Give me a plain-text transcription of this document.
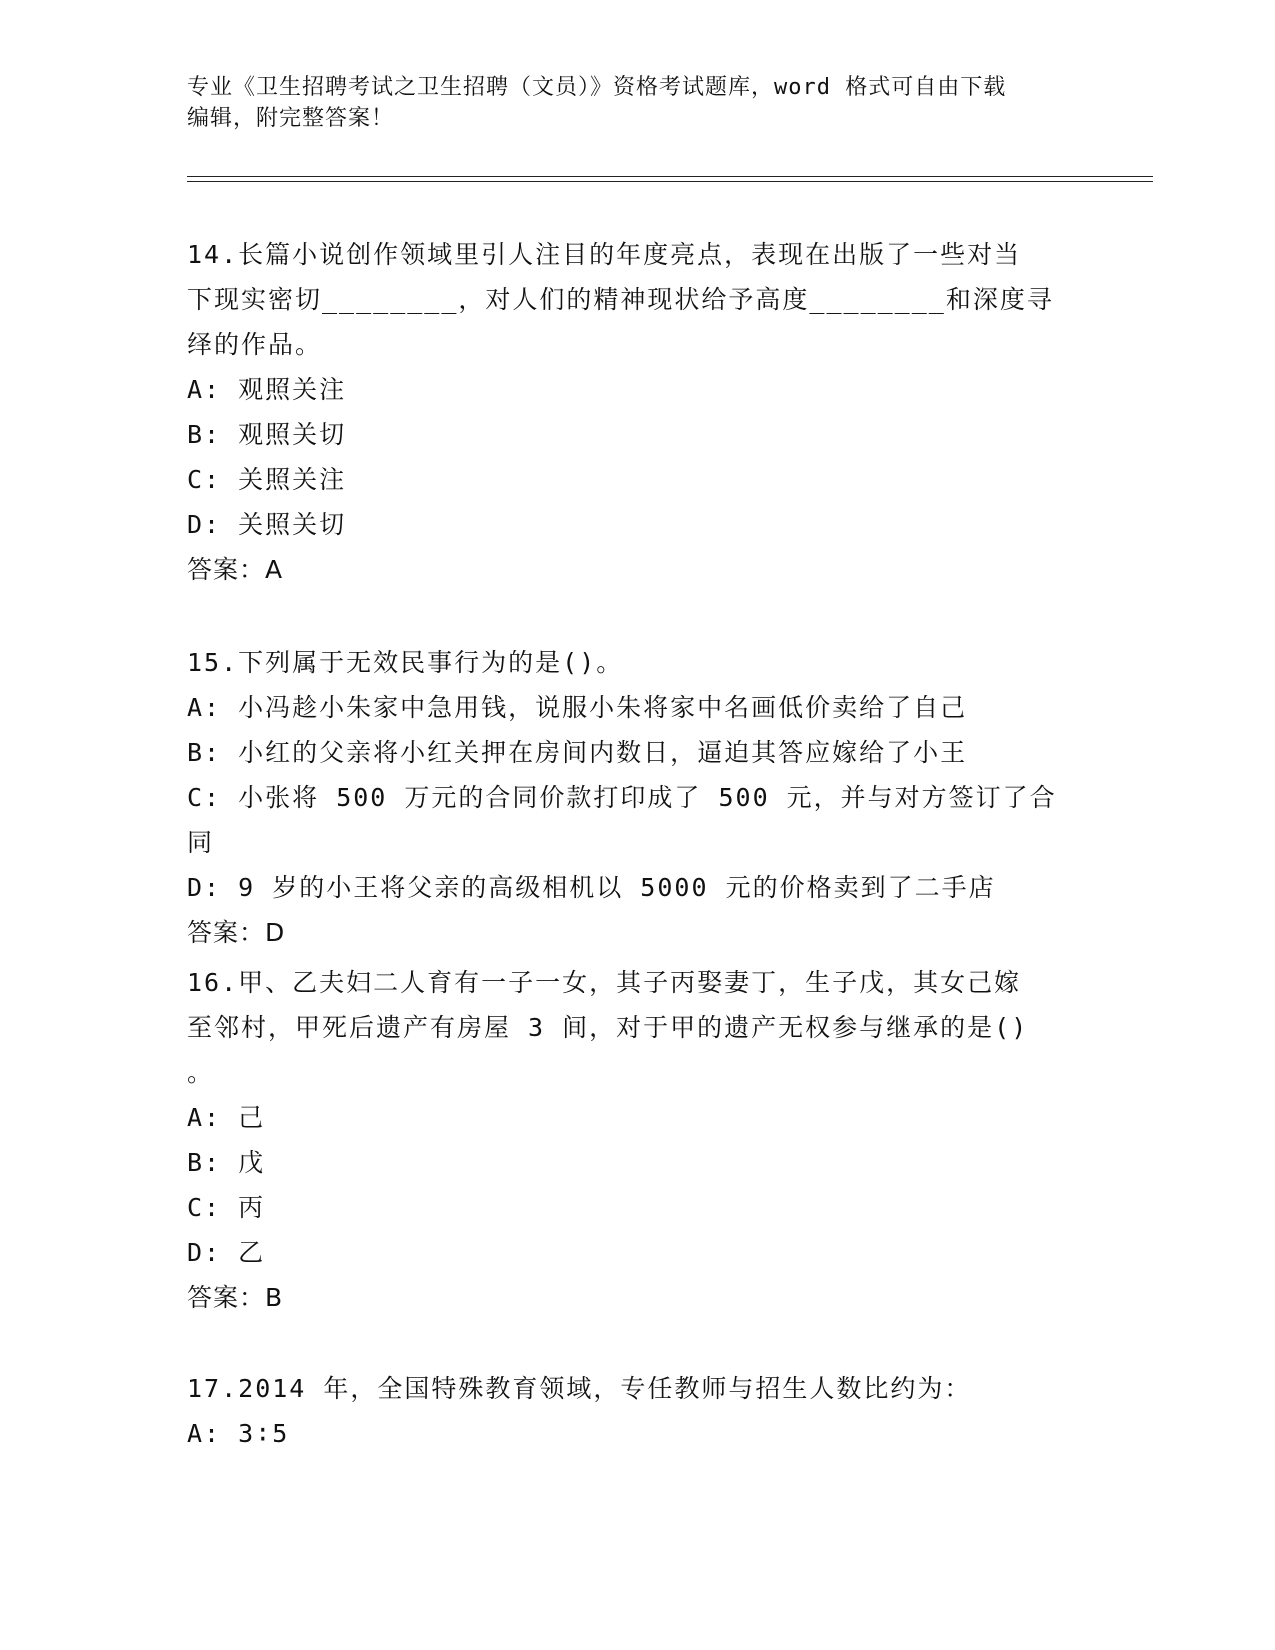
专业《卫生招聘考试之卫生招聘（文员）》资格考试题库，word 格式可自由下载

编辑，附完整答案！

14.长篇小说创作领域里引人注目的年度亮点，表现在出版了一些对当

下现实密切________，对人们的精神现状给予高度________和深度寻

绎的作品。

A: 观照关注

B: 观照关切

C: 关照关注

D: 关照关切

答案：A

15.下列属于无效民事行为的是()。

A: 小冯趁小朱家中急用钱，说服小朱将家中名画低价卖给了自己

B: 小红的父亲将小红关押在房间内数日，逼迫其答应嫁给了小王

C: 小张将 500 万元的合同价款打印成了 500 元，并与对方签订了合同

D: 9 岁的小王将父亲的高级相机以 5000 元的价格卖到了二手店

答案：D

16.甲、乙夫妇二人育有一子一女，其子丙娶妻丁，生子戊，其女己嫁

至邻村，甲死后遗产有房屋 3 间，对于甲的遗产无权参与继承的是()

。

A: 己

B: 戊

C: 丙

D: 乙

答案：B

17.2014 年，全国特殊教育领域，专任教师与招生人数比约为：

A: 3∶5
